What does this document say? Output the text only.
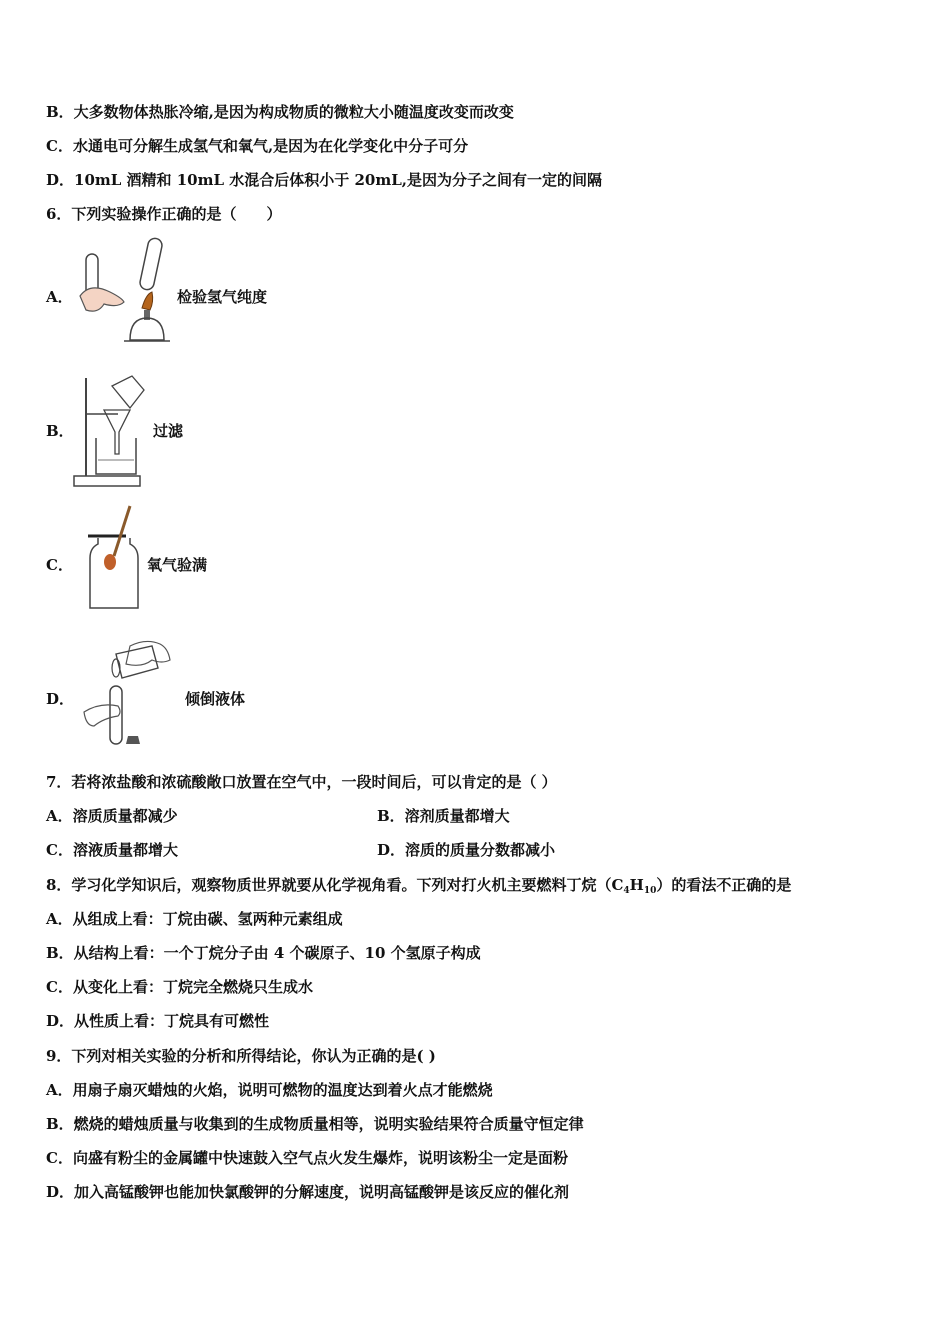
B．大多数物体热胀冷缩,是因为构成物质的微粒大小随温度改变而改变
C．水通电可分解生成氢气和氧气,是因为在化学变化中分子可分
D．10mL 酒精和 10mL 水混合后体积小于 20mL,是因为分子之间有一定的间隔
6．下列实验操作正确的是（　　）
A．	检验氢气纯度
B．	过滤
C．	氧气验满
D．	倾倒液体
7．若将浓盐酸和浓硫酸敞口放置在空气中，一段时间后，可以肯定的是（ ）
A．溶质质量都减少	B．溶剂质量都增大
C．溶液质量都增大	D．溶质的质量分数都减小
8．学习化学知识后，观察物质世界就要从化学视角看。下列对打火机主要燃料丁烷$(C_4H_{10})$的看法不正确的是
A．从组成上看：丁烷由碳、氢两种元素组成
B．从结构上看：一个丁烷分子由 4 个碳原子、10 个氢原子构成
C．从变化上看：丁烷完全燃烧只生成水
D．从性质上看：丁烷具有可燃性
9．下列对相关实验的分析和所得结论，你认为正确的是( )
A．用扇子扇灭蜡烛的火焰，说明可燃物的温度达到着火点才能燃烧
B．燃烧的蜡烛质量与收集到的生成物质量相等，说明实验结果符合质量守恒定律
C．向盛有粉尘的金属罐中快速鼓入空气点火发生爆炸，说明该粉尘一定是面粉
D．加入高锰酸钾也能加快氯酸钾的分解速度，说明高锰酸钾是该反应的催化剂
